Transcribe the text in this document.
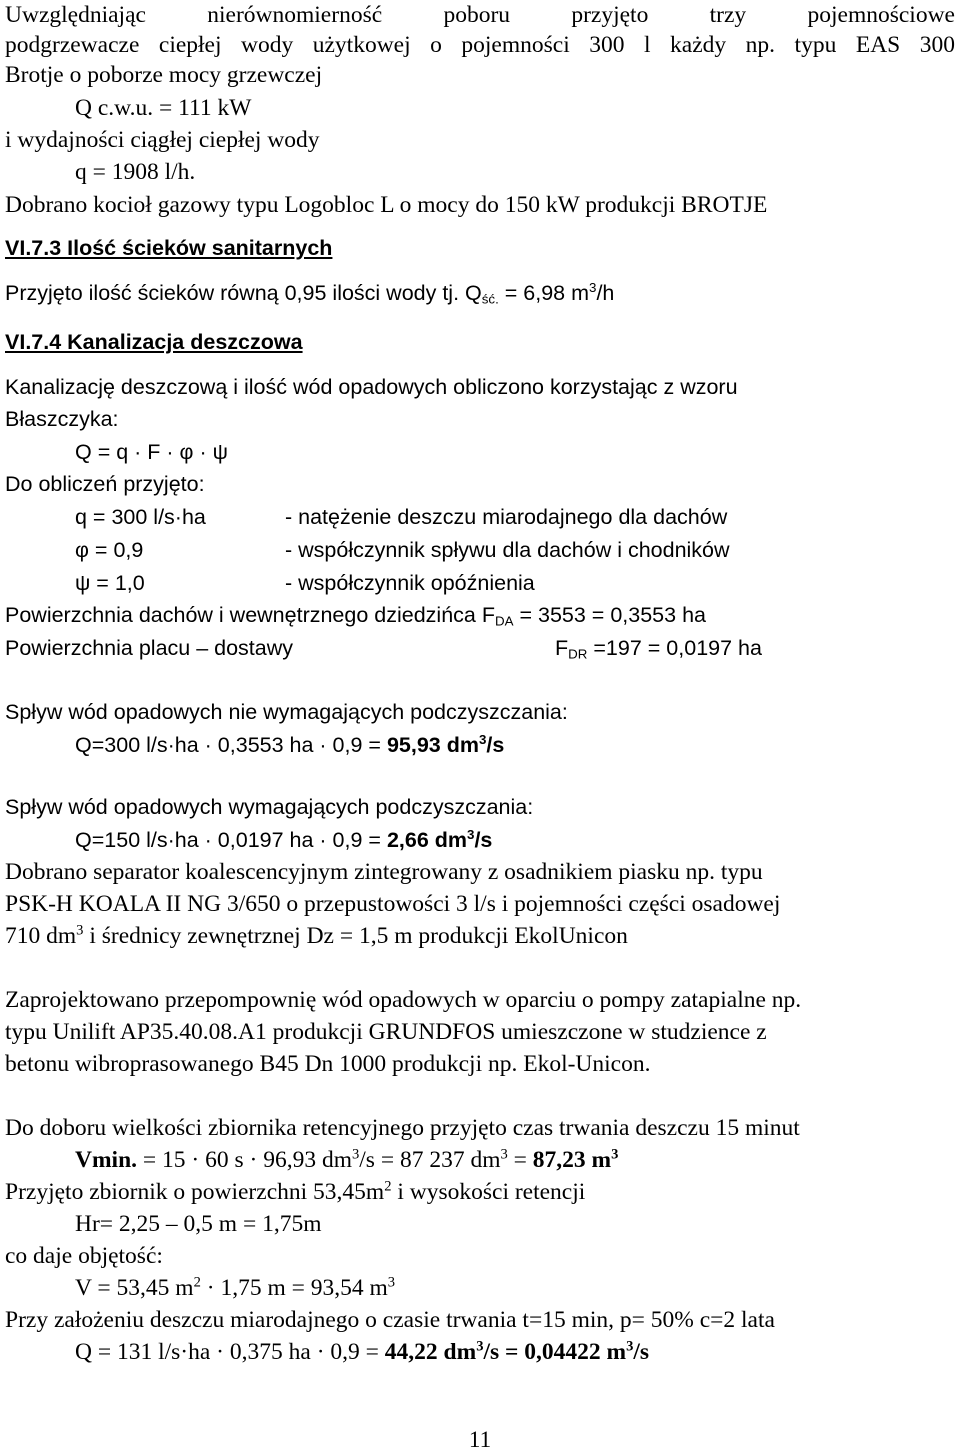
Uwzględniając nierównomierność poboru przyjęto trzy pojemnościowe
podgrzewacze ciepłej wody użytkowej o pojemności 300 l każdy np. typu EAS 300
Brotje o poborze mocy grzewczej
Q c.w.u. = 111 kW
i wydajności ciągłej ciepłej wody
q = 1908 l/h.
Dobrano kocioł gazowy typu Logobloc L o mocy do 150 kW produkcji BROTJE
VI.7.3 Ilość ścieków sanitarnych
Przyjęto ilość ścieków równą 0,95 ilości wody tj. $Q_{ść.} = 6,98$ $m^3/h$
VI.7.4 Kanalizacja deszczowa
Kanalizację deszczową i ilość wód opadowych obliczono korzystając z wzoru
Błaszczyka:
Q = q · F · φ · ψ
Do obliczeń przyjęto:
q = 300 l/s·ha	- natężenie deszczu miarodajnego dla dachów
φ = 0,9	- współczynnik spływu dla dachów i chodników
ψ = 1,0	- współczynnik opóźnienia
Powierzchnia dachów i wewnętrznego dziedzińca $F_{DA} = 3553 = 0,3553$ ha
Powierzchnia placu – dostawy	$F_{DR} =197 = 0,0197$ ha
Spływ wód opadowych nie wymagających podczyszczania:
Q=300 l/s·ha · 0,3553 ha · 0,9 = 95,93 $dm^3/s$
Spływ wód opadowych wymagających podczyszczania:
Q=150 l/s·ha · 0,0197 ha · 0,9 = 2,66 $dm^3/s$
Dobrano separator koalescencyjnym zintegrowany z osadnikiem piasku np. typu
PSK-H KOALA II NG 3/650 o przepustowości 3 l/s i pojemności części osadowej
710 $dm^3$ i średnicy zewnętrznej Dz = 1,5 m produkcji EkolUnicon
Zaprojektowano przepompownię wód opadowych w oparciu o pompy zatapialne np.
typu Unilift AP35.40.08.A1 produkcji GRUNDFOS umieszczone w studzience z
betonu wibroprasowanego B45 Dn 1000 produkcji np. Ekol-Unicon.
Do doboru wielkości zbiornika retencyjnego przyjęto czas trwania deszczu 15 minut
Vmin. = 15 · 60 s · 96,93 $dm^3/s = 87$ 237 $dm^3 = 87,23$ $m^3$
Przyjęto zbiornik o powierzchni $53,45m^2$ i wysokości retencji
Hr= 2,25 – 0,5 m = 1,75m
co daje objętość:
V = 53,45 $m^2 \cdot 1,75$ m = 93,54 $m^3$
Przy założeniu deszczu miarodajnego o czasie trwania t=15 min, p= 50% c=2 lata
Q = 131 l/s·ha · 0,375 ha · 0,9 = 44,22 $dm^3/s = 0,04422$ $m^3/s$
11
